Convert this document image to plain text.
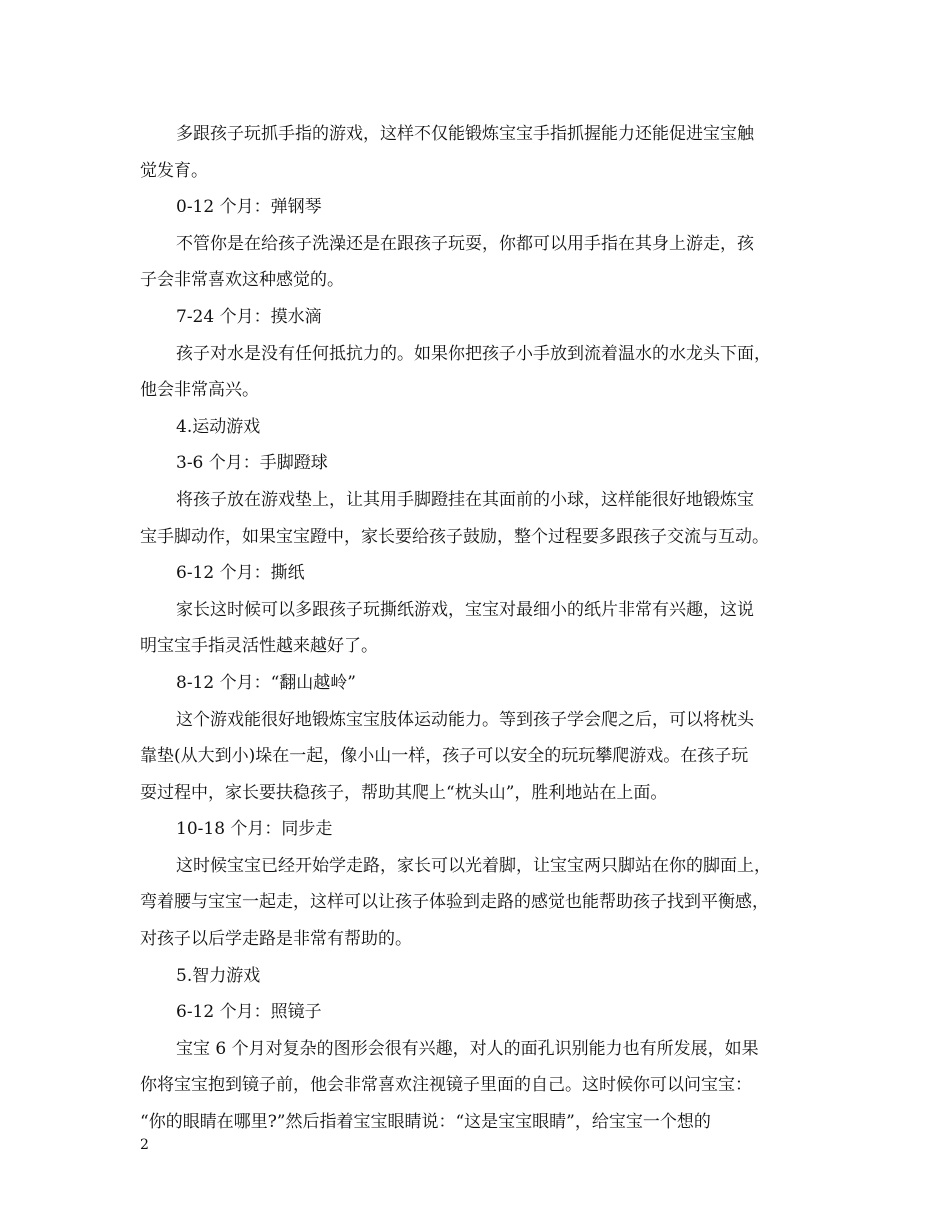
多跟孩子玩抓手指的游戏，这样不仅能锻炼宝宝手指抓握能力还能促进宝宝触
觉发育。
0-12 个月：弹钢琴
不管你是在给孩子洗澡还是在跟孩子玩耍，你都可以用手指在其身上游走，孩
子会非常喜欢这种感觉的。
7-24 个月：摸水滴
孩子对水是没有任何抵抗力的。如果你把孩子小手放到流着温水的水龙头下面，
他会非常高兴。
4.运动游戏
3-6 个月：手脚蹬球
将孩子放在游戏垫上，让其用手脚蹬挂在其面前的小球，这样能很好地锻炼宝
宝手脚动作，如果宝宝蹬中，家长要给孩子鼓励，整个过程要多跟孩子交流与互动。
6-12 个月：撕纸
家长这时候可以多跟孩子玩撕纸游戏，宝宝对最细小的纸片非常有兴趣，这说
明宝宝手指灵活性越来越好了。
8-12 个月：“翻山越岭”
这个游戏能很好地锻炼宝宝肢体运动能力。等到孩子学会爬之后，可以将枕头
靠垫(从大到小)垛在一起，像小山一样，孩子可以安全的玩玩攀爬游戏。在孩子玩
耍过程中，家长要扶稳孩子，帮助其爬上“枕头山”，胜利地站在上面。
10-18 个月：同步走
这时候宝宝已经开始学走路，家长可以光着脚，让宝宝两只脚站在你的脚面上，
弯着腰与宝宝一起走，这样可以让孩子体验到走路的感觉也能帮助孩子找到平衡感，
对孩子以后学走路是非常有帮助的。
5.智力游戏
6-12 个月：照镜子
宝宝 6 个月对复杂的图形会很有兴趣，对人的面孔识别能力也有所发展，如果
你将宝宝抱到镜子前，他会非常喜欢注视镜子里面的自己。这时候你可以问宝宝：
“你的眼睛在哪里?”然后指着宝宝眼睛说：“这是宝宝眼睛”，给宝宝一个想的
2
